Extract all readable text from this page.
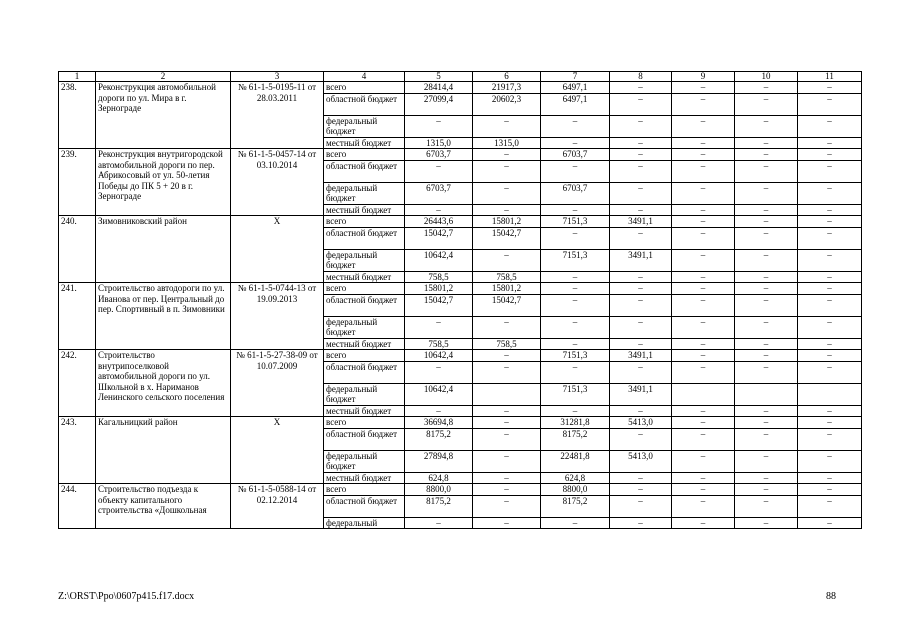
1	2	3	4	5	6	7	8	9	10	11
238.	Реконструкция автомобильной дороги по ул. Мира в г. Зернограде	№ 61-1-5-0195-11 от 28.03.2011	всего	28414,4	21917,3	6497,1	–	–	–	–
			областной бюджет	27099,4	20602,3	6497,1	–	–	–	–
			федеральный бюджет	–	–	–	–	–	–	–
			местный бюджет	1315,0	1315,0	–	–	–	–	–
239.	Реконструкция внутригородской автомобильной дороги по пер. Абрикосовый от ул. 50-летия Победы до ПК 5 + 20 в г. Зернограде	№ 61-1-5-0457-14 от 03.10.2014	всего	6703,7	–	6703,7	–	–	–	–
			областной бюджет	–	–	–	–	–	–	–
			федеральный бюджет	6703,7	–	6703,7	–	–	–	–
			местный бюджет	–	–	–	–	–	–	–
240.	Зимовниковский район	X	всего	26443,6	15801,2	7151,3	3491,1	–	–	–
			областной бюджет	15042,7	15042,7	–	–	–	–	–
			федеральный бюджет	10642,4	–	7151,3	3491,1	–	–	–
			местный бюджет	758,5	758,5	–	–	–	–	–
241.	Строительство автодороги по ул. Иванова от пер. Центральный до пер. Спортивный в п. Зимовники	№ 61-1-5-0744-13 от 19.09.2013	всего	15801,2	15801,2	–	–	–	–	–
			областной бюджет	15042,7	15042,7	–	–	–	–	–
			федеральный бюджет	–	–	–	–	–	–	–
			местный бюджет	758,5	758,5	–	–	–	–	–
242.	Строительство внутрипоселковой автомобильной дороги по ул. Школьной в х. Нариманов Ленинского сельского поселения	№ 61-1-5-27-38-09 от 10.07.2009	всего	10642,4	–	7151,3	3491,1	–	–	–
			областной бюджет	–	–	–	–	–	–	–
			федеральный бюджет	10642,4		7151,3	3491,1			
			местный бюджет	–	–	–	–	–	–	–
243.	Кагальницкий район	X	всего	36694,8	–	31281,8	5413,0	–	–	–
			областной бюджет	8175,2	–	8175,2	–	–	–	–
			федеральный бюджет	27894,8	–	22481,8	5413,0	–	–	–
			местный бюджет	624,8	–	624,8	–	–	–	–
244.	Строительство подъезда к объекту капитального строительства «Дошкольная	№ 61-1-5-0588-14 от 02.12.2014	всего	8800,0	–	8800,0	–	–	–	–
			областной бюджет	8175,2	–	8175,2	–	–	–	–
			федеральный	–	–	–	–	–	–	–
Z:\ORST\Ppo\0607p415.f17.docx	88
